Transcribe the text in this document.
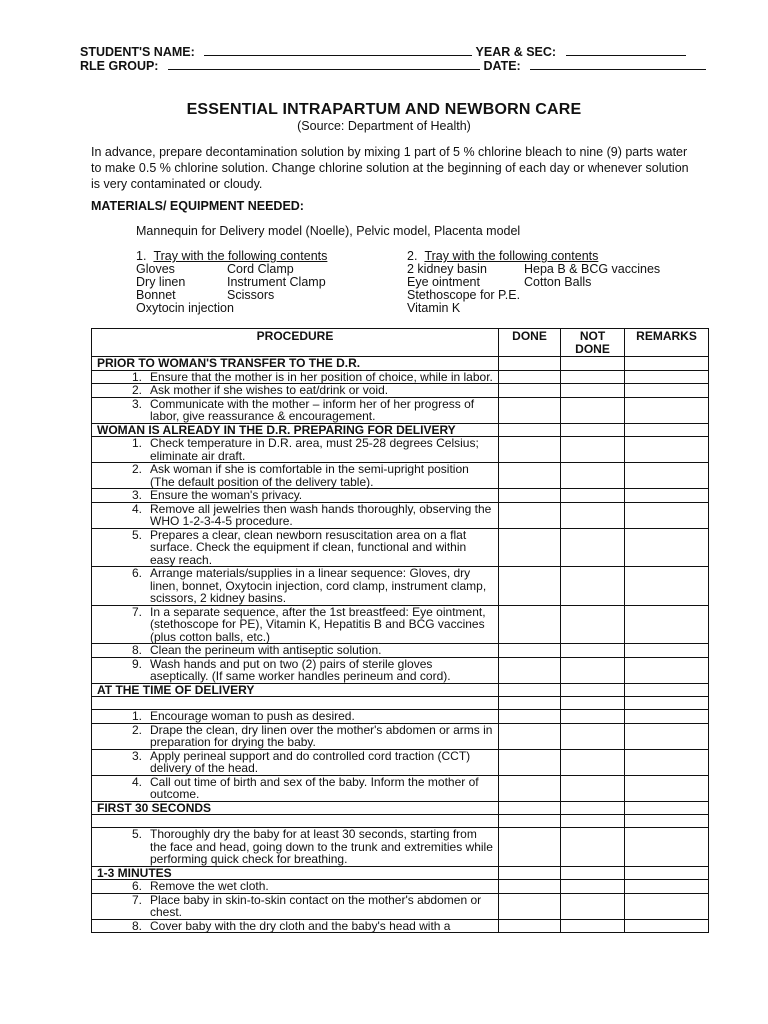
STUDENT'S NAME:	YEAR & SEC:
RLE GROUP:	DATE:
ESSENTIAL INTRAPARTUM AND NEWBORN CARE
(Source: Department of Health)
In advance, prepare decontamination solution by mixing 1 part of 5 % chlorine bleach to nine (9) parts water to make 0.5 % chlorine solution. Change chlorine solution at the beginning of each day or whenever solution is very contaminated or cloudy.
MATERIALS/ EQUIPMENT NEEDED:
Mannequin for Delivery model (Noelle), Pelvic model, Placenta model
1. Tray with the following contents
Gloves	Cord Clamp
Dry linen	Instrument Clamp
Bonnet	Scissors
Oxytocin injection
2. Tray with the following contents
2 kidney basin	Hepa B & BCG vaccines
Eye ointment	Cotton Balls
Stethoscope for P.E.
Vitamin K
PROCEDURE	DONE	NOT DONE	REMARKS
PRIOR TO WOMAN'S TRANSFER TO THE D.R.			

1. Ensure that the mother is in her position of choice, while in labor.			

2. Ask mother if she wishes to eat/drink or void.			

3. Communicate with the mother – inform her of her progress of labor, give reassurance & encouragement.			

WOMAN IS ALREADY IN THE D.R. PREPARING FOR DELIVERY			

1. Check temperature in D.R. area, must 25-28 degrees Celsius; eliminate air draft.			

2. Ask woman if she is comfortable in the semi-upright position (The default position of the delivery table).			

3. Ensure the woman's privacy.			

4. Remove all jewelries then wash hands thoroughly, observing the WHO 1-2-3-4-5 procedure.			

5. Prepares a clear, clean newborn resuscitation area on a flat surface. Check the equipment if clean, functional and within easy reach.			

6. Arrange materials/supplies in a linear sequence: Gloves, dry linen, bonnet, Oxytocin injection, cord clamp, instrument clamp, scissors, 2 kidney basins.			

7. In a separate sequence, after the 1st breastfeed: Eye ointment, (stethoscope for PE), Vitamin K, Hepatitis B and BCG vaccines (plus cotton balls, etc.)			

8. Clean the perineum with antiseptic solution.			

9. Wash hands and put on two (2) pairs of sterile gloves aseptically. (If same worker handles perineum and cord).			

AT THE TIME OF DELIVERY			

1. Encourage woman to push as desired.			

2. Drape the clean, dry linen over the mother's abdomen or arms in preparation for drying the baby.			

3. Apply perineal support and do controlled cord traction (CCT) delivery of the head.			

4. Call out time of birth and sex of the baby. Inform the mother of outcome.			

FIRST 30 SECONDS			

5. Thoroughly dry the baby for at least 30 seconds, starting from the face and head, going down to the trunk and extremities while performing quick check for breathing.			

1-3 MINUTES			

6. Remove the wet cloth.			

7. Place baby in skin-to-skin contact on the mother's abdomen or chest.			

8. Cover baby with the dry cloth and the baby's head with a			
